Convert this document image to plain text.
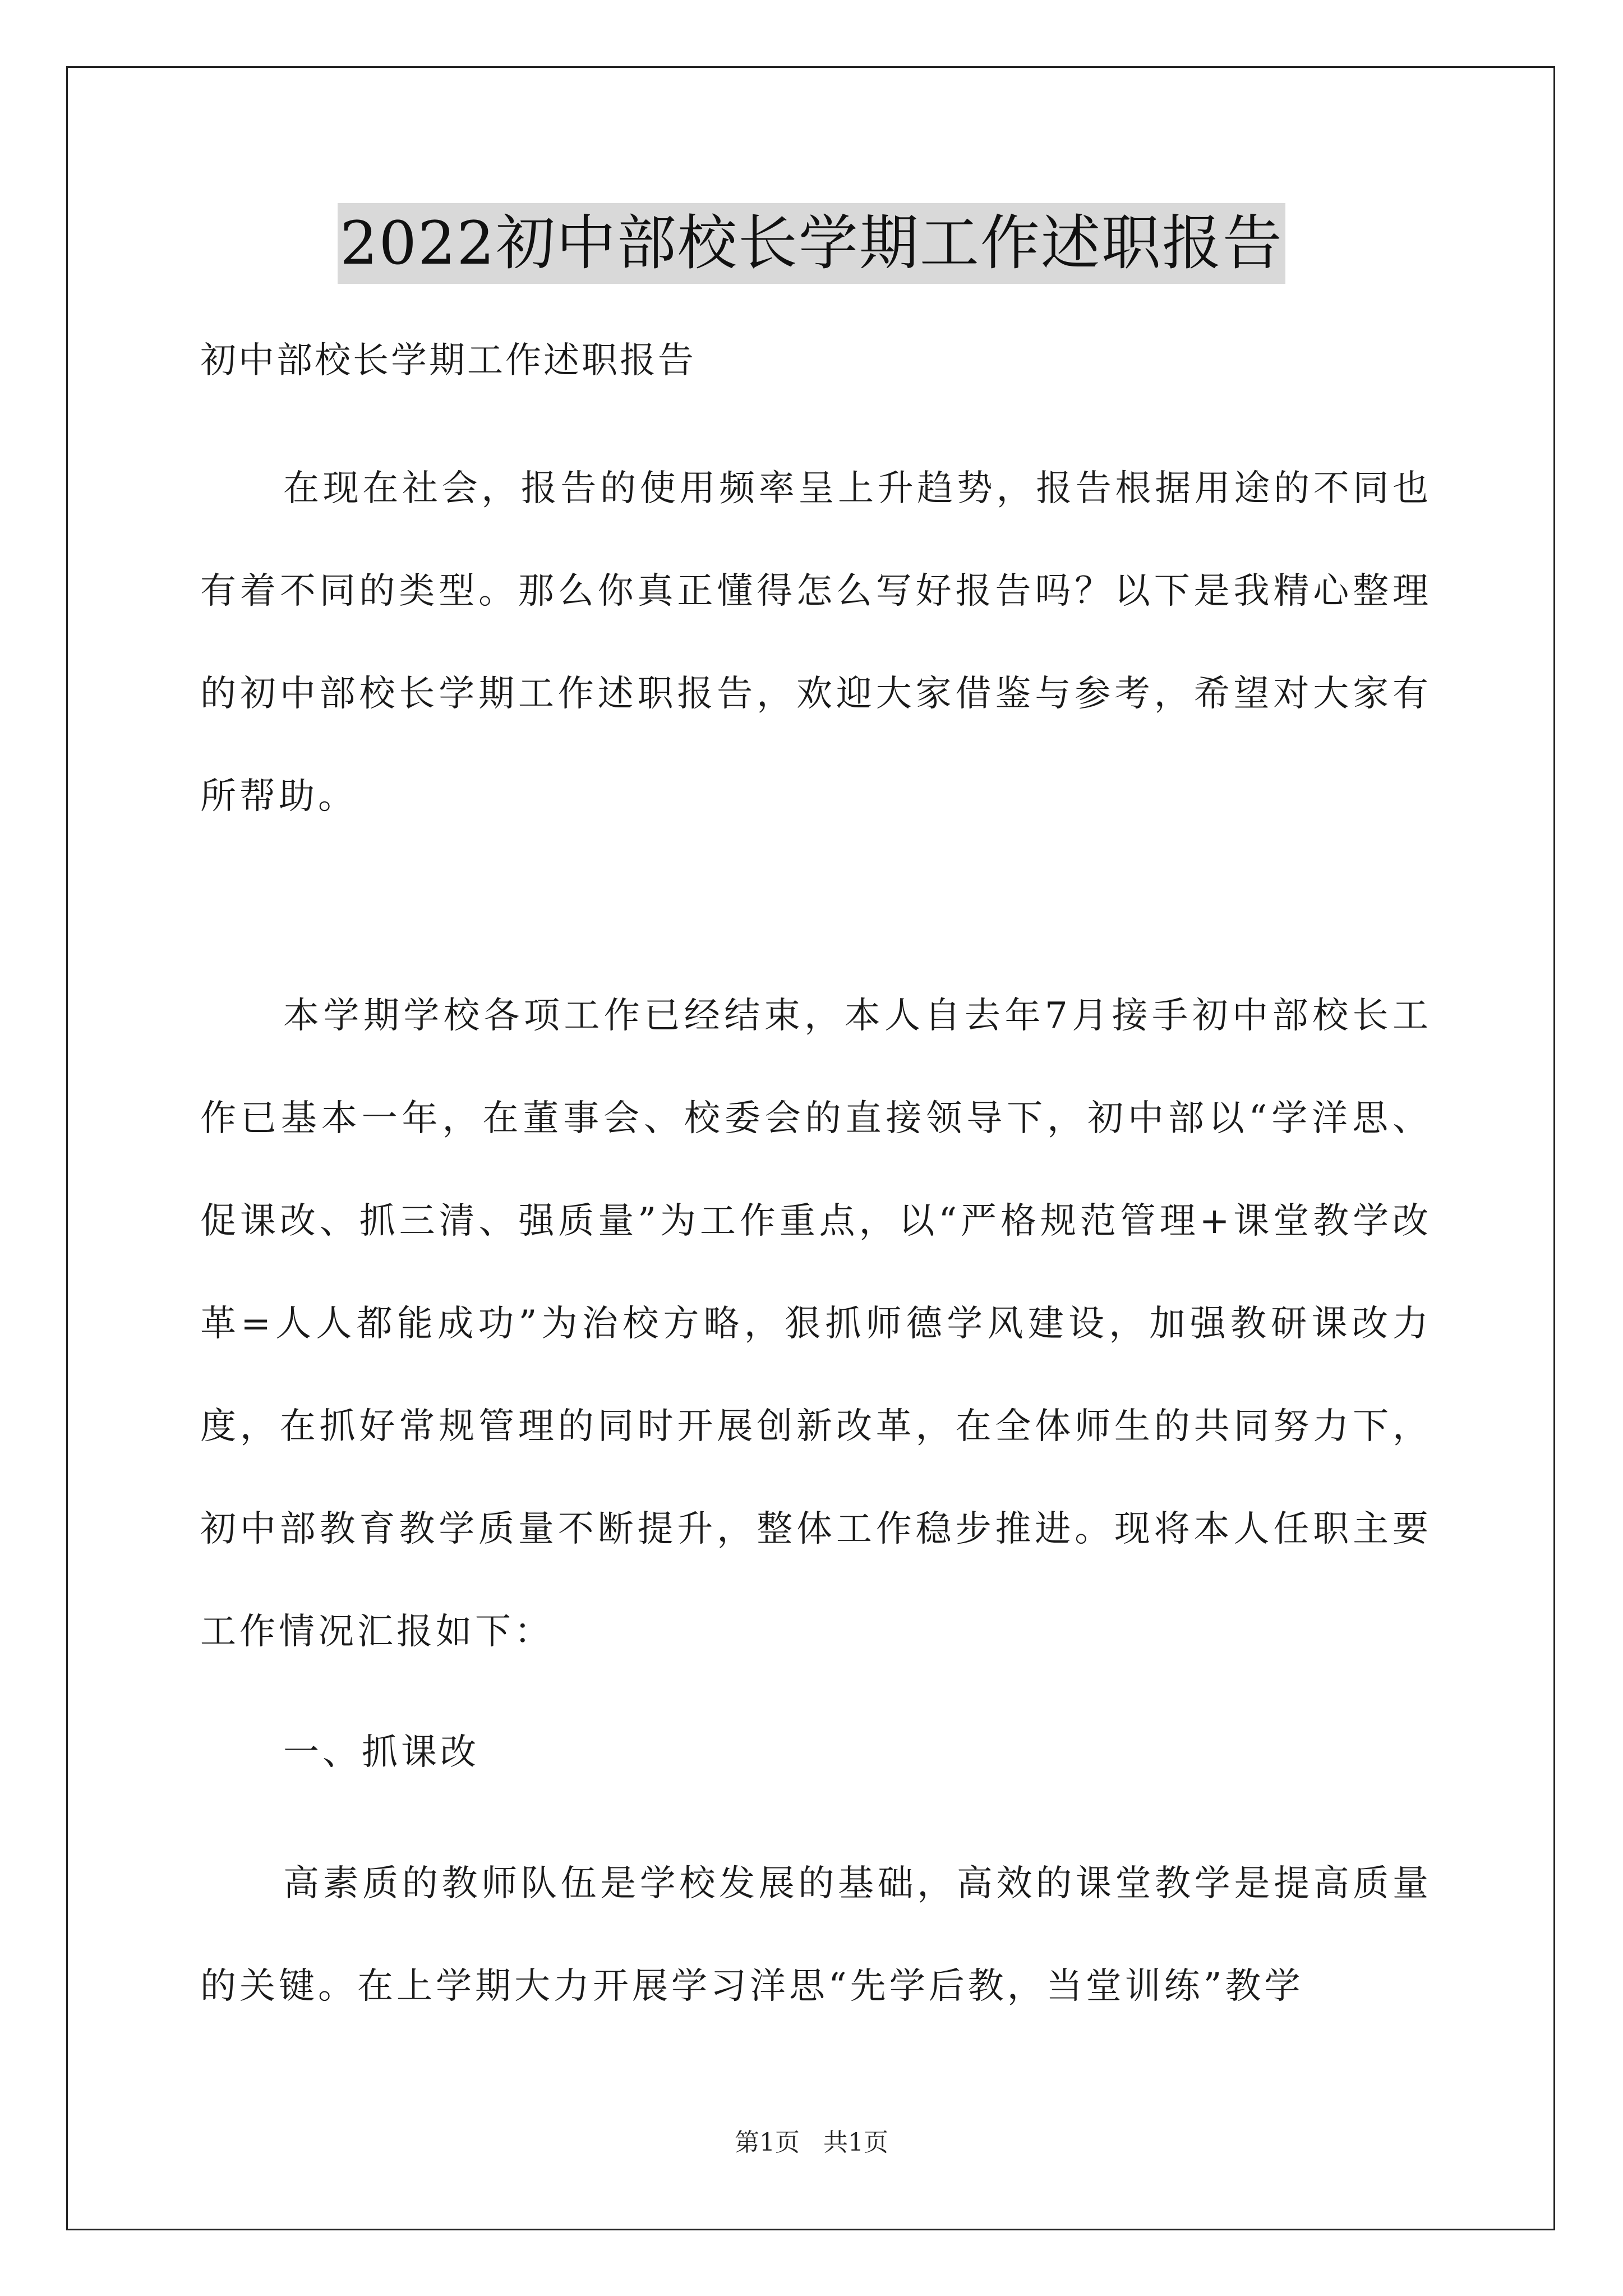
2022初中部校长学期工作述职报告
初中部校长学期工作述职报告
在现在社会，报告的使用频率呈上升趋势，报告根据用途的不同也有着不同的类型。那么你真正懂得怎么写好报告吗？以下是我精心整理的初中部校长学期工作述职报告，欢迎大家借鉴与参考，希望对大家有所帮助。
本学期学校各项工作已经结束，本人自去年7月接手初中部校长工作已基本一年，在董事会、校委会的直接领导下，初中部以“学洋思、促课改、抓三清、强质量”为工作重点，以“严格规范管理+课堂教学改革=人人都能成功”为治校方略，狠抓师德学风建设，加强教研课改力度，在抓好常规管理的同时开展创新改革，在全体师生的共同努力下，初中部教育教学质量不断提升，整体工作稳步推进。现将本人任职主要工作情况汇报如下：
一、抓课改
高素质的教师队伍是学校发展的基础，高效的课堂教学是提高质量的关键。在上学期大力开展学习洋思“先学后教，当堂训练”教学
第1页   共1页
